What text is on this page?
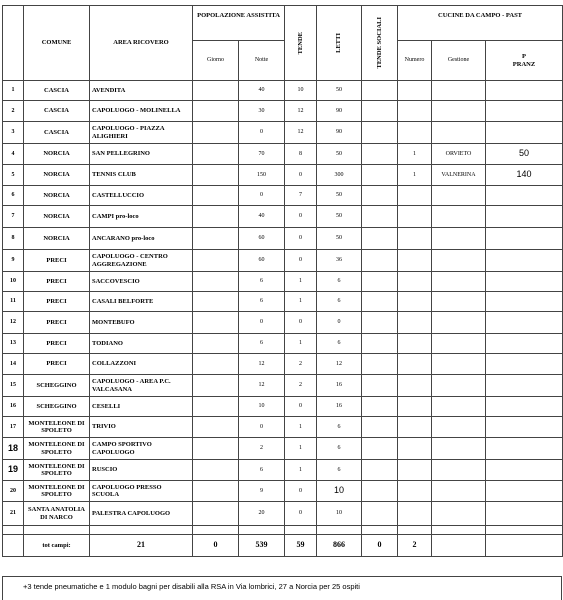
	COMUNE	AREA RICOVERO	POPOLAZIONE ASSISTITA		TENDE	LETTI	TENDE SOCIALI	CUCINE DA CAMPO - PAST		
			Giorno	Notte				Numero	Gestione	P
PRANZ
1	CASCIA	AVENDITA		40	10	50				
2	CASCIA	CAPOLUOGO - MOLINELLA		30	12	90				
3	CASCIA	CAPOLUOGO - PIAZZA ALIGHIERI		0	12	90				
4	NORCIA	SAN PELLEGRINO		70	8	50		1	ORVIETO	50
5	NORCIA	TENNIS CLUB		150	0	300		1	VALNERINA	140
6	NORCIA	CASTELLUCCIO		0	7	50				
7	NORCIA	CAMPI pro-loco		40	0	50				
8	NORCIA	ANCARANO pro-loco		60	0	50				
9	PRECI	CAPOLUOGO - CENTRO AGGREGAZIONE		60	0	36				
10	PRECI	SACCOVESCIO		6	1	6				
11	PRECI	CASALI BELFORTE		6	1	6				
12	PRECI	MONTEBUFO		0	0	0				
13	PRECI	TODIANO		6	1	6				
14	PRECI	COLLAZZONI		12	2	12				
15	SCHEGGINO	CAPOLUOGO - AREA P.C. VALCASANA		12	2	16				
16	SCHEGGINO	CESELLI		10	0	16				
17	MONTELEONE DI SPOLETO	TRIVIO		0	1	6				
18	MONTELEONE DI SPOLETO	CAMPO SPORTIVO CAPOLUOGO		2	1	6				
19	MONTELEONE DI SPOLETO	RUSCIO		6	1	6				
20	MONTELEONE DI SPOLETO	CAPOLUOGO PRESSO SCUOLA		9	0	10				
21	SANTA ANATOLIA DI NARCO	PALESTRA CAPOLUOGO		20	0	10				

	tot campi:	21	0	539	59	866	0	2		
+3 tende pneumatiche e 1 modulo bagni per disabili alla RSA in Via lombrici, 27 a Norcia per 25 ospiti
